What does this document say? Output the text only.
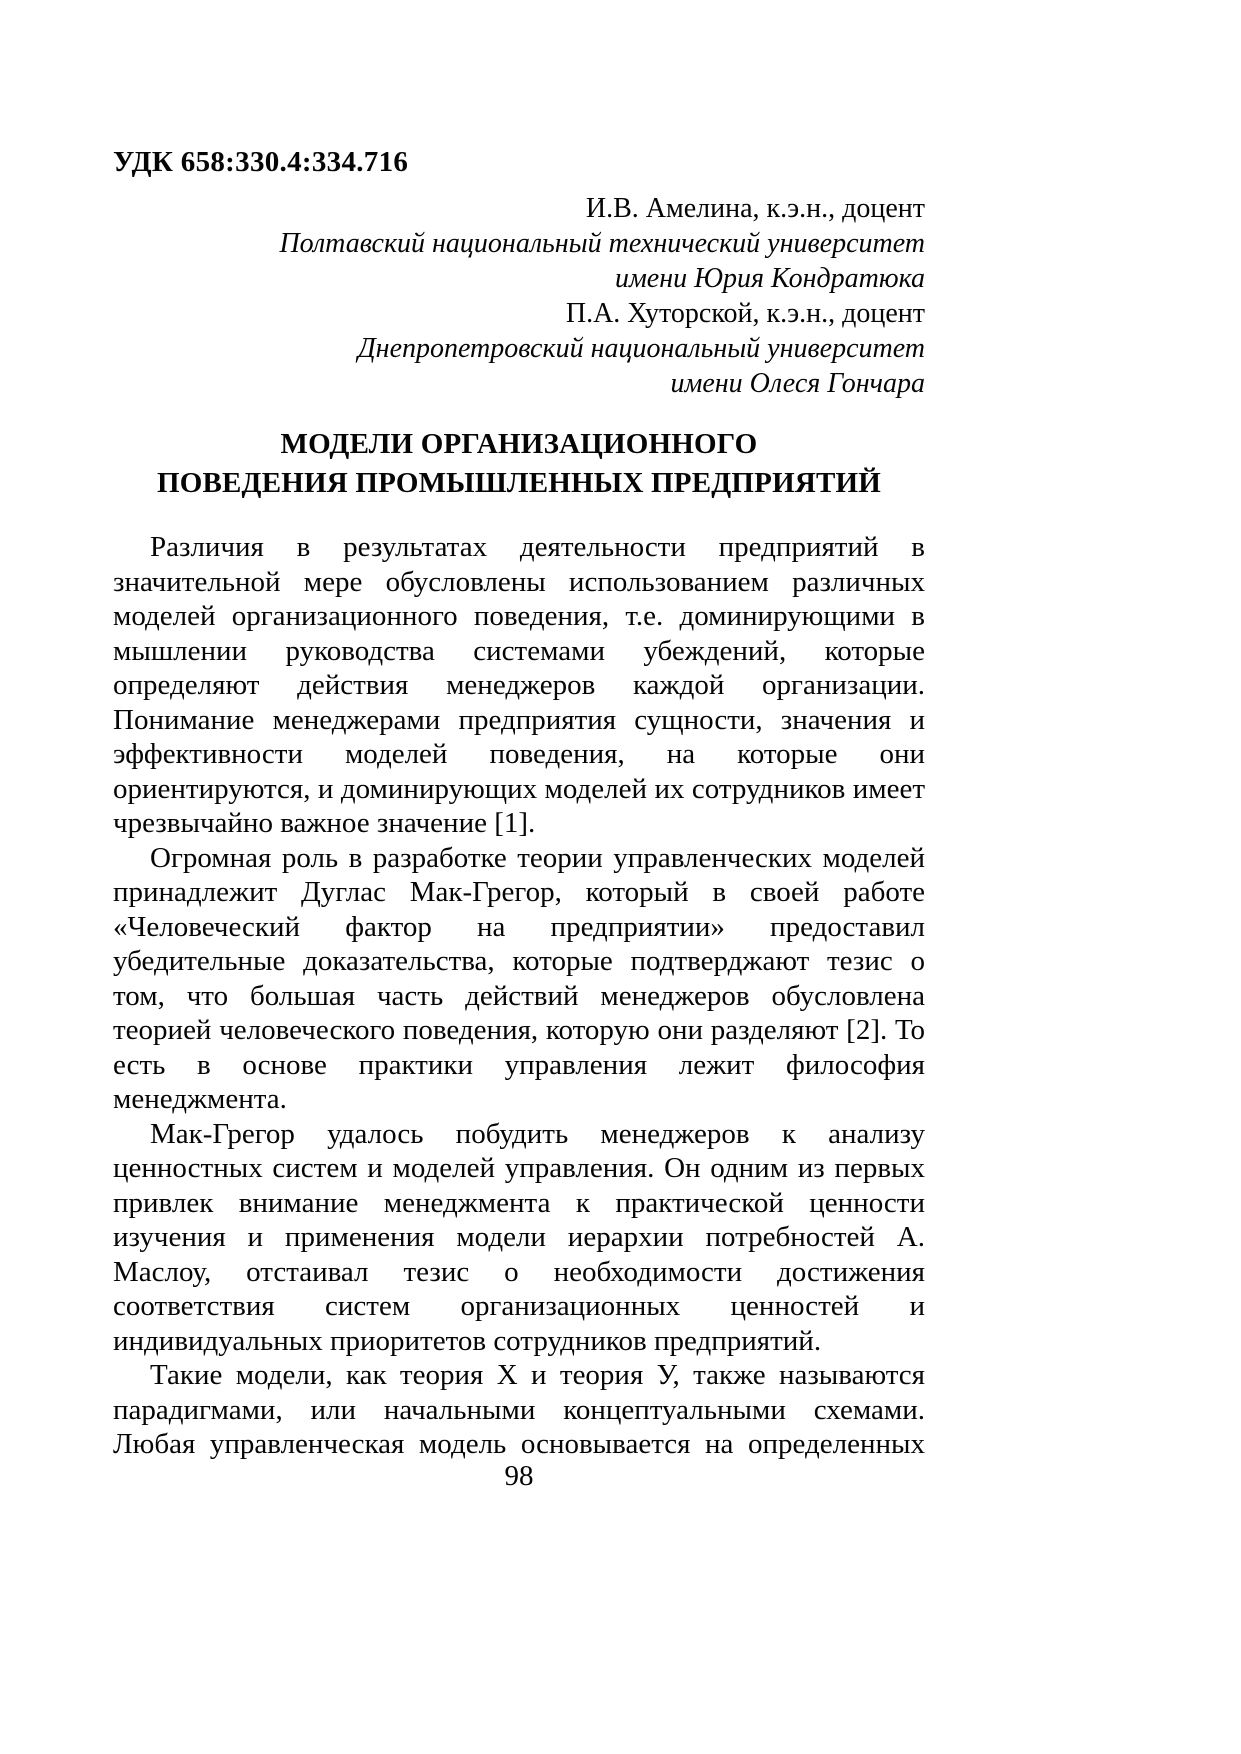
УДК 658:330.4:334.716
И.В. Амелина, к.э.н., доцент
Полтавский национальный технический университет
имени Юрия Кондратюка
П.А. Хуторской, к.э.н., доцент
Днепропетровский национальный университет
имени Олеся Гончара
МОДЕЛИ ОРГАНИЗАЦИОННОГО
ПОВЕДЕНИЯ ПРОМЫШЛЕННЫХ ПРЕДПРИЯТИЙ

Различия в результатах деятельности предприятий в значительной мере обусловлены использованием различных моделей организационного поведения, т.е. доминирующими в мышлении руководства системами убеждений, которые определяют действия менеджеров каждой организации. Понимание менеджерами предприятия сущности, значения и эффективности моделей поведения, на которые они ориентируются, и доминирующих моделей их сотрудников имеет чрезвычайно важное значение [1].

Огромная роль в разработке теории управленческих моделей принадлежит Дуглас Мак-Грегор, который в своей работе «Человеческий фактор на предприятии» предоставил убедительные доказательства, которые подтверджают тезис о том, что большая часть действий менеджеров обусловлена теорией человеческого поведения, которую они разделяют [2]. То есть в основе практики управления лежит философия менеджмента.

Мак-Грегор удалось побудить менеджеров к анализу ценностных систем и моделей управления. Он одним из первых привлек внимание менеджмента к практической ценности изучения и применения модели иерархии потребностей А. Маслоу, отстаивал тезис о необходимости достижения соответствия систем организационных ценностей и индивидуальных приоритетов сотрудников предприятий.

Такие модели, как теория Х и теория У, также называются парадигмами, или начальными концептуальными схемами. Любая управленческая модель основывается на определенных

98
